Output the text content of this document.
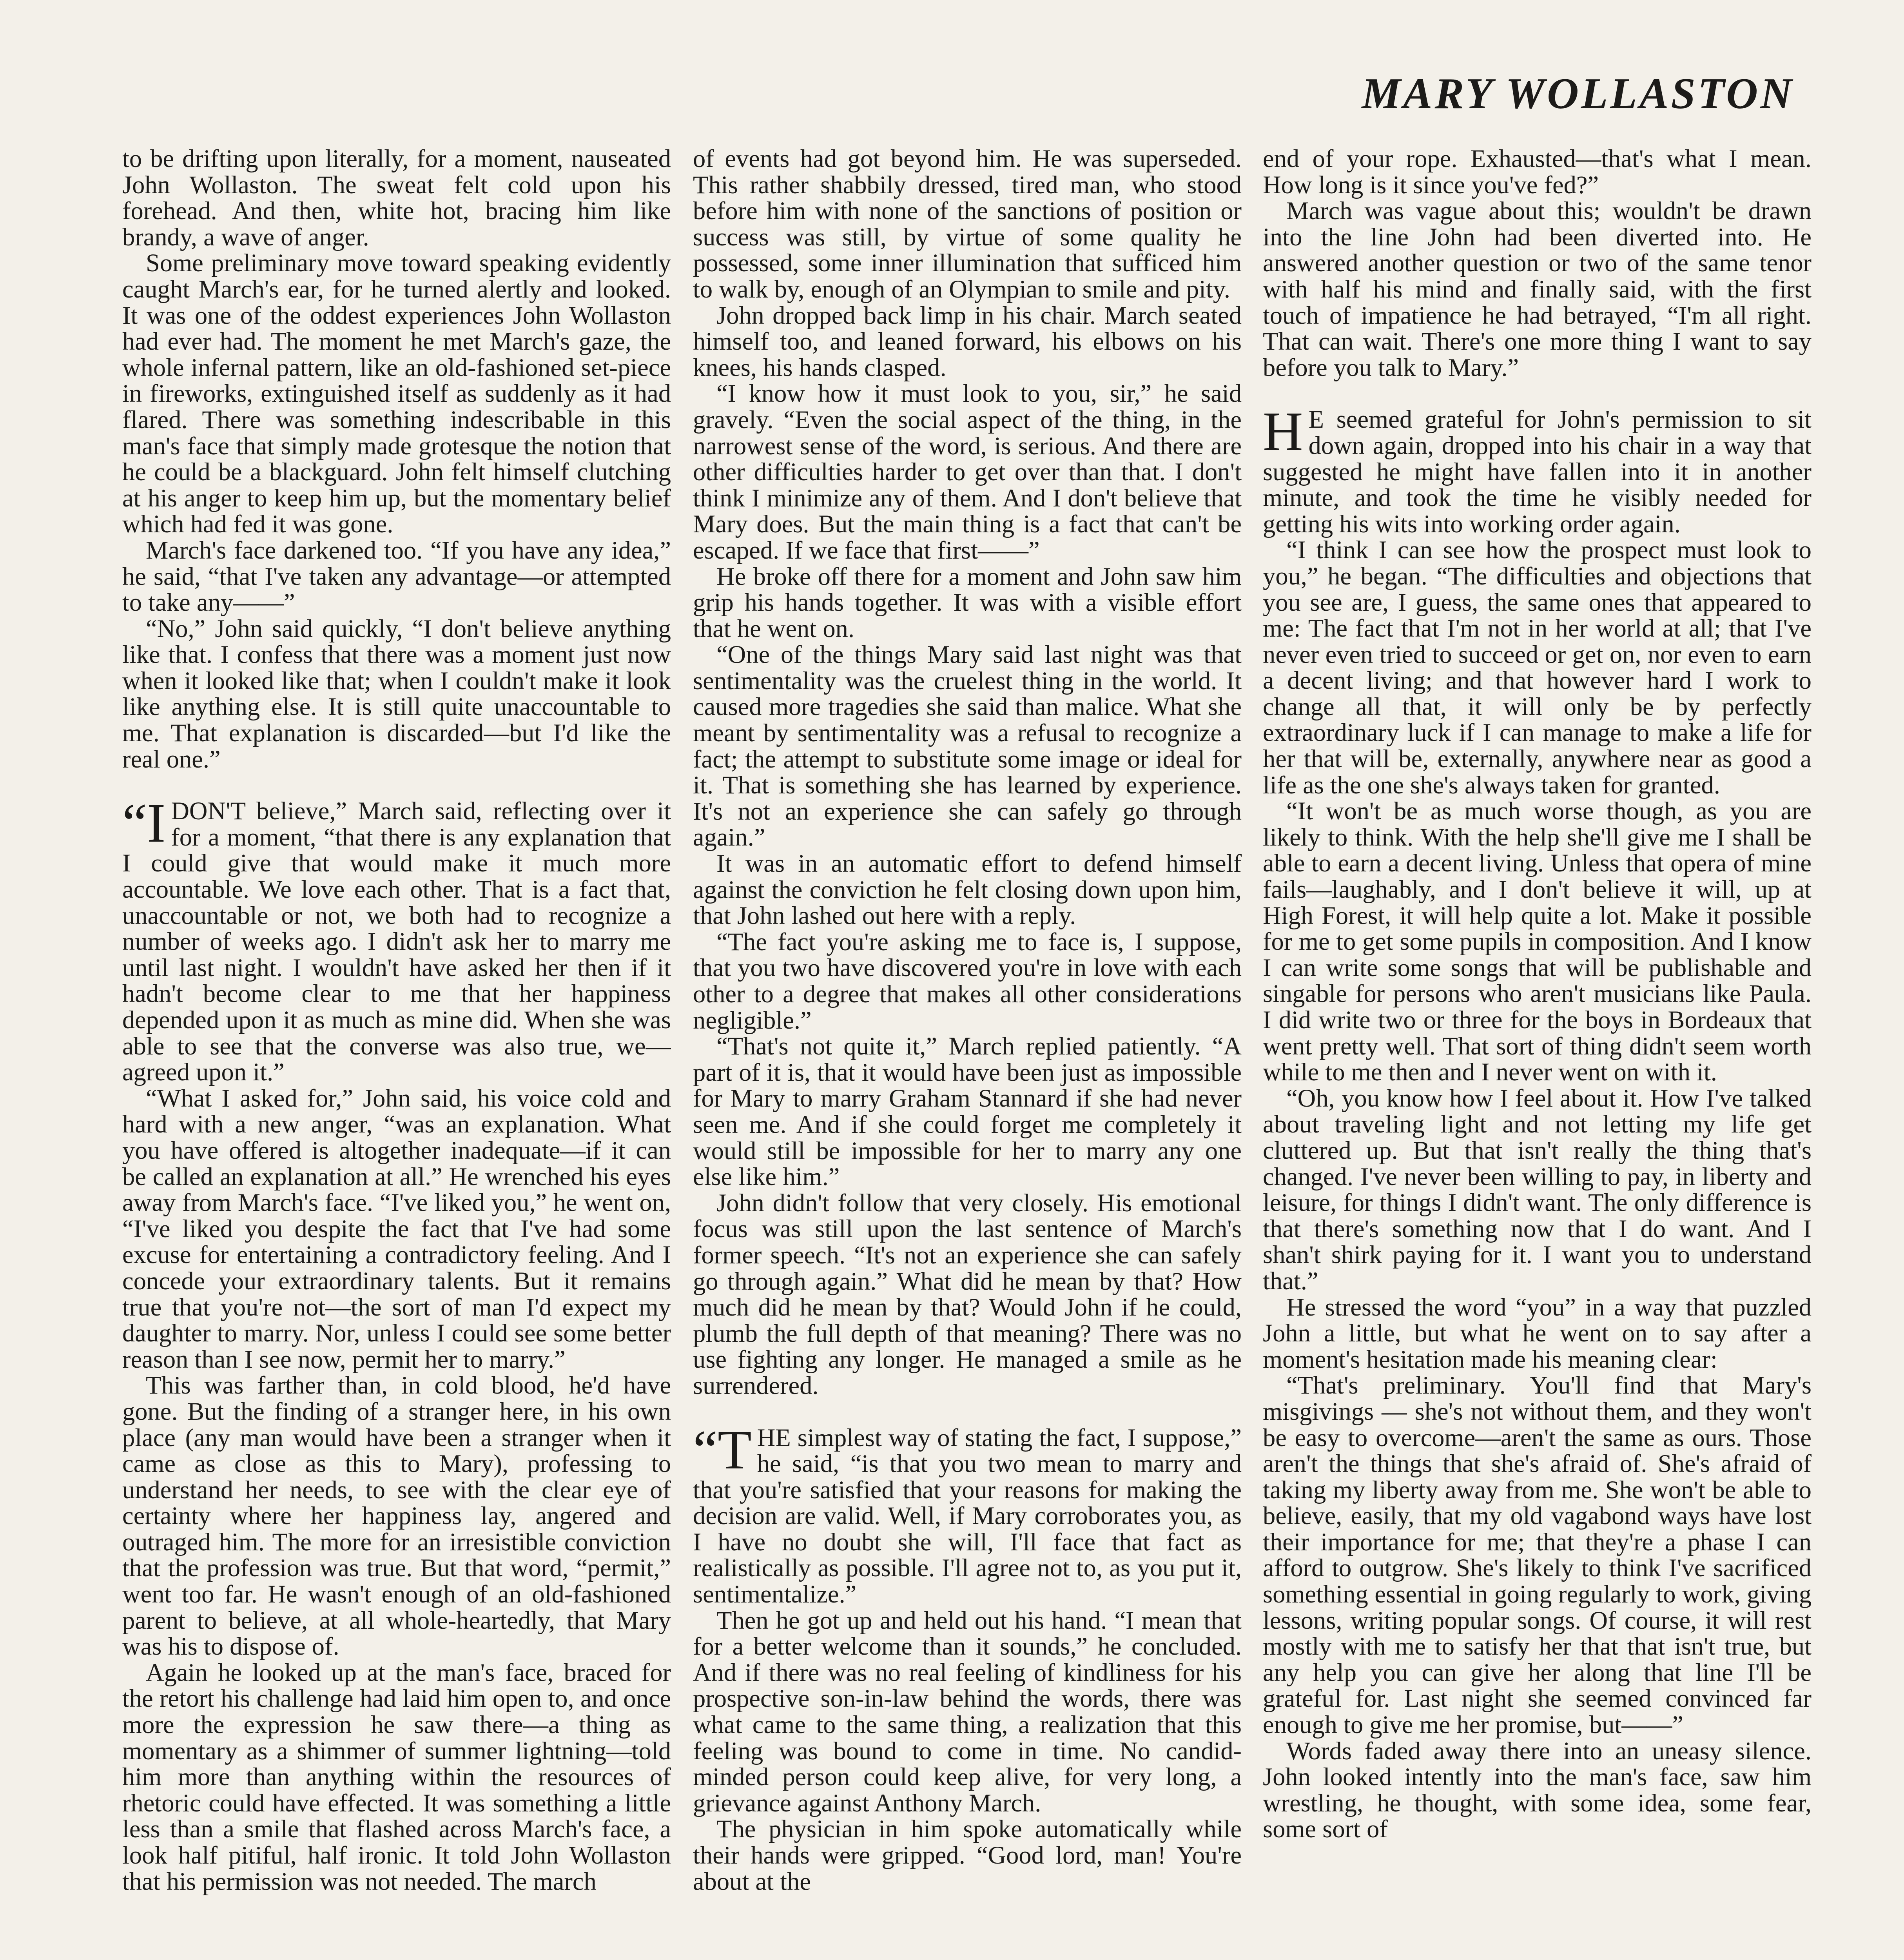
MARY WOLLASTON

to be drifting upon literally, for a moment, nauseated John Wollaston. The sweat felt cold upon his forehead. And then, white hot, bracing him like brandy, a wave of anger.

Some preliminary move toward speaking evidently caught March's ear, for he turned alertly and looked. It was one of the oddest experiences John Wollaston had ever had. The moment he met March's gaze, the whole infernal pattern, like an old-fashioned set-piece in fireworks, extinguished itself as suddenly as it had flared. There was something indescribable in this man's face that simply made grotesque the notion that he could be a blackguard. John felt himself clutching at his anger to keep him up, but the momentary belief which had fed it was gone.

March's face darkened too. “If you have any idea,” he said, “that I've taken any advantage—or attempted to take any——”

“No,” John said quickly, “I don't believe anything like that. I confess that there was a moment just now when it looked like that; when I couldn't make it look like anything else. It is still quite unaccountable to me. That explanation is discarded—but I'd like the real one.”

“I DON'T believe,” March said, reflecting over it for a moment, “that there is any explanation that I could give that would make it much more accountable. We love each other. That is a fact that, unaccountable or not, we both had to recognize a number of weeks ago. I didn't ask her to marry me until last night. I wouldn't have asked her then if it hadn't become clear to me that her happiness depended upon it as much as mine did. When she was able to see that the converse was also true, we—agreed upon it.”

“What I asked for,” John said, his voice cold and hard with a new anger, “was an explanation. What you have offered is altogether inadequate—if it can be called an explanation at all.” He wrenched his eyes away from March's face. “I've liked you,” he went on, “I've liked you despite the fact that I've had some excuse for entertaining a contradictory feeling. And I concede your extraordinary talents. But it remains true that you're not—the sort of man I'd expect my daughter to marry. Nor, unless I could see some better reason than I see now, permit her to marry.”

This was farther than, in cold blood, he'd have gone. But the finding of a stranger here, in his own place (any man would have been a stranger when it came as close as this to Mary), professing to understand her needs, to see with the clear eye of certainty where her happiness lay, angered and outraged him. The more for an irresistible conviction that the profession was true. But that word, “permit,” went too far. He wasn't enough of an old-fashioned parent to believe, at all whole-heartedly, that Mary was his to dispose of.

Again he looked up at the man's face, braced for the retort his challenge had laid him open to, and once more the expression he saw there—a thing as momentary as a shimmer of summer lightning—told him more than anything within the resources of rhetoric could have effected. It was something a little less than a smile that flashed across March's face, a look half pitiful, half ironic. It told John Wollaston that his permission was not needed. The march

of events had got beyond him. He was superseded. This rather shabbily dressed, tired man, who stood before him with none of the sanctions of position or success was still, by virtue of some quality he possessed, some inner illumination that sufficed him to walk by, enough of an Olympian to smile and pity.

John dropped back limp in his chair. March seated himself too, and leaned forward, his elbows on his knees, his hands clasped.

“I know how it must look to you, sir,” he said gravely. “Even the social aspect of the thing, in the narrowest sense of the word, is serious. And there are other difficulties harder to get over than that. I don't think I minimize any of them. And I don't believe that Mary does. But the main thing is a fact that can't be escaped. If we face that first——”

He broke off there for a moment and John saw him grip his hands together. It was with a visible effort that he went on.

“One of the things Mary said last night was that sentimentality was the cruelest thing in the world. It caused more tragedies she said than malice. What she meant by sentimentality was a refusal to recognize a fact; the attempt to substitute some image or ideal for it. That is something she has learned by experience. It's not an experience she can safely go through again.”

It was in an automatic effort to defend himself against the conviction he felt closing down upon him, that John lashed out here with a reply.

“The fact you're asking me to face is, I suppose, that you two have discovered you're in love with each other to a degree that makes all other considerations negligible.”

“That's not quite it,” March replied patiently. “A part of it is, that it would have been just as impossible for Mary to marry Graham Stannard if she had never seen me. And if she could forget me completely it would still be impossible for her to marry any one else like him.”

John didn't follow that very closely. His emotional focus was still upon the last sentence of March's former speech. “It's not an experience she can safely go through again.” What did he mean by that? How much did he mean by that? Would John if he could, plumb the full depth of that meaning? There was no use fighting any longer. He managed a smile as he surrendered.

“THE simplest way of stating the fact, I suppose,” he said, “is that you two mean to marry and that you're satisfied that your reasons for making the decision are valid. Well, if Mary corroborates you, as I have no doubt she will, I'll face that fact as realistically as possible. I'll agree not to, as you put it, sentimentalize.”

Then he got up and held out his hand. “I mean that for a better welcome than it sounds,” he concluded. And if there was no real feeling of kindliness for his prospective son-in-law behind the words, there was what came to the same thing, a realization that this feeling was bound to come in time. No candid-minded person could keep alive, for very long, a grievance against Anthony March.

The physician in him spoke automatically while their hands were gripped. “Good lord, man! You're about at the

end of your rope. Exhausted—that's what I mean. How long is it since you've fed?”

March was vague about this; wouldn't be drawn into the line John had been diverted into. He answered another question or two of the same tenor with half his mind and finally said, with the first touch of impatience he had betrayed, “I'm all right. That can wait. There's one more thing I want to say before you talk to Mary.”

H E seemed grateful for John's permission to sit down again, dropped into his chair in a way that suggested he might have fallen into it in another minute, and took the time he visibly needed for getting his wits into working order again.

“I think I can see how the prospect must look to you,” he began. “The difficulties and objections that you see are, I guess, the same ones that appeared to me: The fact that I'm not in her world at all; that I've never even tried to succeed or get on, nor even to earn a decent living; and that however hard I work to change all that, it will only be by perfectly extraordinary luck if I can manage to make a life for her that will be, externally, anywhere near as good a life as the one she's always taken for granted.

“It won't be as much worse though, as you are likely to think. With the help she'll give me I shall be able to earn a decent living. Unless that opera of mine fails—laughably, and I don't believe it will, up at High Forest, it will help quite a lot. Make it possible for me to get some pupils in composition. And I know I can write some songs that will be publishable and singable for persons who aren't musicians like Paula. I did write two or three for the boys in Bordeaux that went pretty well. That sort of thing didn't seem worth while to me then and I never went on with it.

“Oh, you know how I feel about it. How I've talked about traveling light and not letting my life get cluttered up. But that isn't really the thing that's changed. I've never been willing to pay, in liberty and leisure, for things I didn't want. The only difference is that there's something now that I do want. And I shan't shirk paying for it. I want you to understand that.”

He stressed the word “you” in a way that puzzled John a little, but what he went on to say after a moment's hesitation made his meaning clear:

“That's preliminary. You'll find that Mary's misgivings — she's not without them, and they won't be easy to overcome—aren't the same as ours. Those aren't the things that she's afraid of. She's afraid of taking my liberty away from me. She won't be able to believe, easily, that my old vagabond ways have lost their importance for me; that they're a phase I can afford to outgrow. She's likely to think I've sacrificed something essential in going regularly to work, giving lessons, writing popular songs. Of course, it will rest mostly with me to satisfy her that that isn't true, but any help you can give her along that line I'll be grateful for. Last night she seemed convinced far enough to give me her promise, but——”

Words faded away there into an uneasy silence. John looked intently into the man's face, saw him wrestling, he thought, with some idea, some fear, some sort of
